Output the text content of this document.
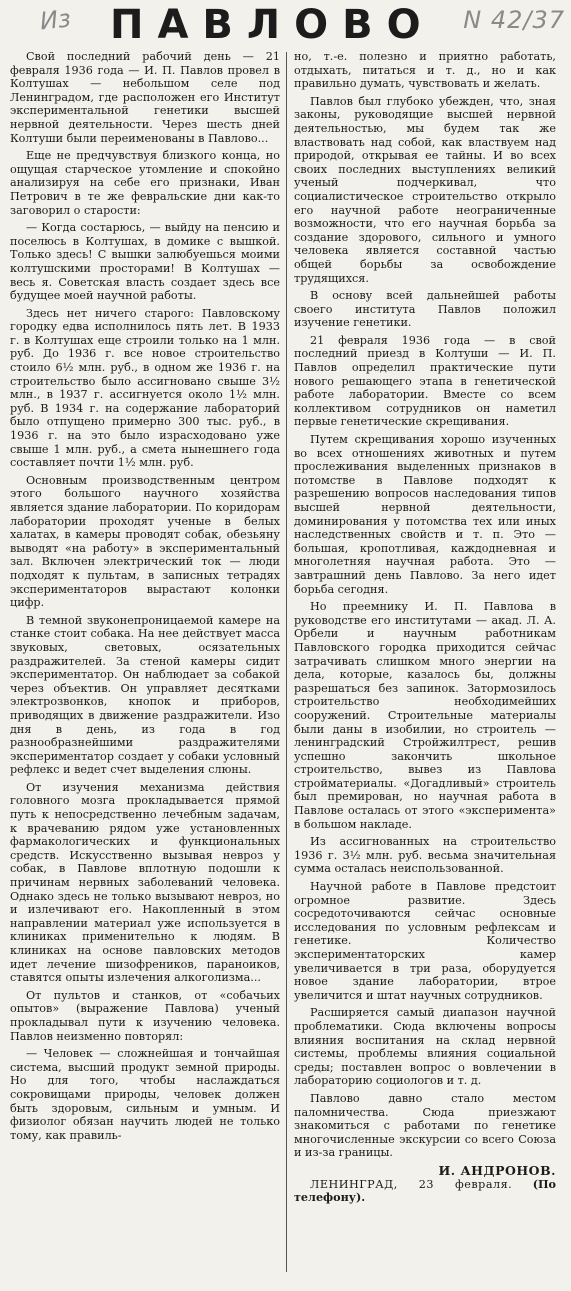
Из ПАВЛОВО N 42/37

Свой последний рабочий день — 21 февраля 1936 года — И. П. Павлов провел в Колтушах — небольшом селе под Ленинградом, где расположен его Институт экспериментальной генетики высшей нервной деятельности. Через шесть дней Колтуши были переименованы в Павлово...

Еще не предчувствуя близкого конца, но ощущая старческое утомление и спокойно анализируя на себе его признаки, Иван Петрович в те же февральские дни как-то заговорил о старости:

— Когда состарюсь, — выйду на пенсию и поселюсь в Колтушах, в домике с вышкой. Только здесь! С вышки залюбуешься моими колтушскими просторами! В Колтушах — весь я. Советская власть создает здесь все будущее моей научной работы.

Здесь нет ничего старого: Павловскому городку едва исполнилось пять лет. В 1933 г. в Колтушах еще строили только на 1 млн. руб. До 1936 г. все новое строительство стоило 6½ млн. руб., в одном же 1936 г. на строительство было ассигновано свыше 3½ млн., в 1937 г. ассигнуется около 1½ млн. руб. В 1934 г. на содержание лабораторий было отпущено примерно 300 тыс. руб., в 1936 г. на это было израсходовано уже свыше 1 млн. руб., а смета нынешнего года составляет почти 1½ млн. руб.

Основным производственным центром этого большого научного хозяйства является здание лаборатории. По коридорам лаборатории проходят ученые в белых халатах, в камеры проводят собак, обезьяну выводят «на работу» в экспериментальный зал. Включен электрический ток — люди подходят к пультам, в записных тетрадях экспериментаторов вырастают колонки цифр.

В темной звуконепроницаемой камере на станке стоит собака. На нее действует масса звуковых, световых, осязательных раздражителей. За стеной камеры сидит экспериментатор. Он наблюдает за собакой через объектив. Он управляет десятками электрозвонков, кнопок и приборов, приводящих в движение раздражители. Изо дня в день, из года в год разнообразнейшими раздражителями экспериментатор создает у собаки условный рефлекс и ведет счет выделения слюны.

От изучения механизма действия головного мозга прокладывается прямой путь к непосредственно лечебным задачам, к врачеванию рядом уже установленных фармакологических и функциональных средств. Искусственно вызывая невроз у собак, в Павлове вплотную подошли к причинам нервных заболеваний человека. Однако здесь не только вызывают невроз, но и излечивают его. Накопленный в этом направлении материал уже используется в клиниках применительно к людям. В клиниках на основе павловских методов идет лечение шизофреников, параноиков, ставятся опыты излечения алкоголизма...

От пультов и станков, от «собачьих опытов» (выражение Павлова) ученый прокладывал пути к изучению человека. Павлов неизменно повторял:

— Человек — сложнейшая и тончайшая система, высший продукт земной природы. Но для того, чтобы наслаждаться сокровищами природы, человек должен быть здоровым, сильным и умным. И физиолог обязан научить людей не только тому, как правиль-

но, т.-е. полезно и приятно работать, отдыхать, питаться и т. д., но и как правильно думать, чувствовать и желать.

Павлов был глубоко убежден, что, зная законы, руководящие высшей нервной деятельностью, мы будем так же властвовать над собой, как властвуем над природой, открывая ее тайны. И во всех своих последних выступлениях великий ученый подчеркивал, что социалистическое строительство открыло его научной работе неограниченные возможности, что его научная борьба за создание здорового, сильного и умного человека является составной частью общей борьбы за освобождение трудящихся.

В основу всей дальнейшей работы своего института Павлов положил изучение генетики.

21 февраля 1936 года — в свой последний приезд в Колтуши — И. П. Павлов определил практические пути нового решающего этапа в генетической работе лаборатории. Вместе со всем коллективом сотрудников он наметил первые генетические скрещивания.

Путем скрещивания хорошо изученных во всех отношениях животных и путем прослеживания выделенных признаков в потомстве в Павлове подходят к разрешению вопросов наследования типов высшей нервной деятельности, доминирования у потомства тех или иных наследственных свойств и т. п. Это — большая, кропотливая, каждодневная и многолетняя научная работа. Это — завтрашний день Павлово. За него идет борьба сегодня.

Но преемнику И. П. Павлова в руководстве его институтами — акад. Л. А. Орбели и научным работникам Павловского городка приходится сейчас затрачивать слишком много энергии на дела, которые, казалось бы, должны разрешаться без запинок. Затормозилось строительство необходимейших сооружений. Строительные материалы были даны в изобилии, но строитель — ленинградский Стройжилтрест, решив успешно закончить школьное строительство, вывез из Павлова стройматериалы. «Догадливый» строитель был премирован, но научная работа в Павлове осталась от этого «эксперимента» в большом накладе.

Из ассигнованных на строительство 1936 г. 3½ млн. руб. весьма значительная сумма осталась неиспользованной.

Научной работе в Павлове предстоит огромное развитие. Здесь сосредоточиваются сейчас основные исследования по условным рефлексам и генетике. Количество экспериментаторских камер увеличивается в три раза, оборудуется новое здание лаборатории, втрое увеличится и штат научных сотрудников.

Расширяется самый диапазон научной проблематики. Сюда включены вопросы влияния воспитания на склад нервной системы, проблемы влияния социальной среды; поставлен вопрос о вовлечении в лабораторию социологов и т. д.

Павлово давно стало местом паломничества. Сюда приезжают знакомиться с работами по генетике многочисленные экскурсии со всего Союза и из-за границы.

И. АНДРОНОВ.

ЛЕНИНГРАД, 23 февраля. (По телефону).
